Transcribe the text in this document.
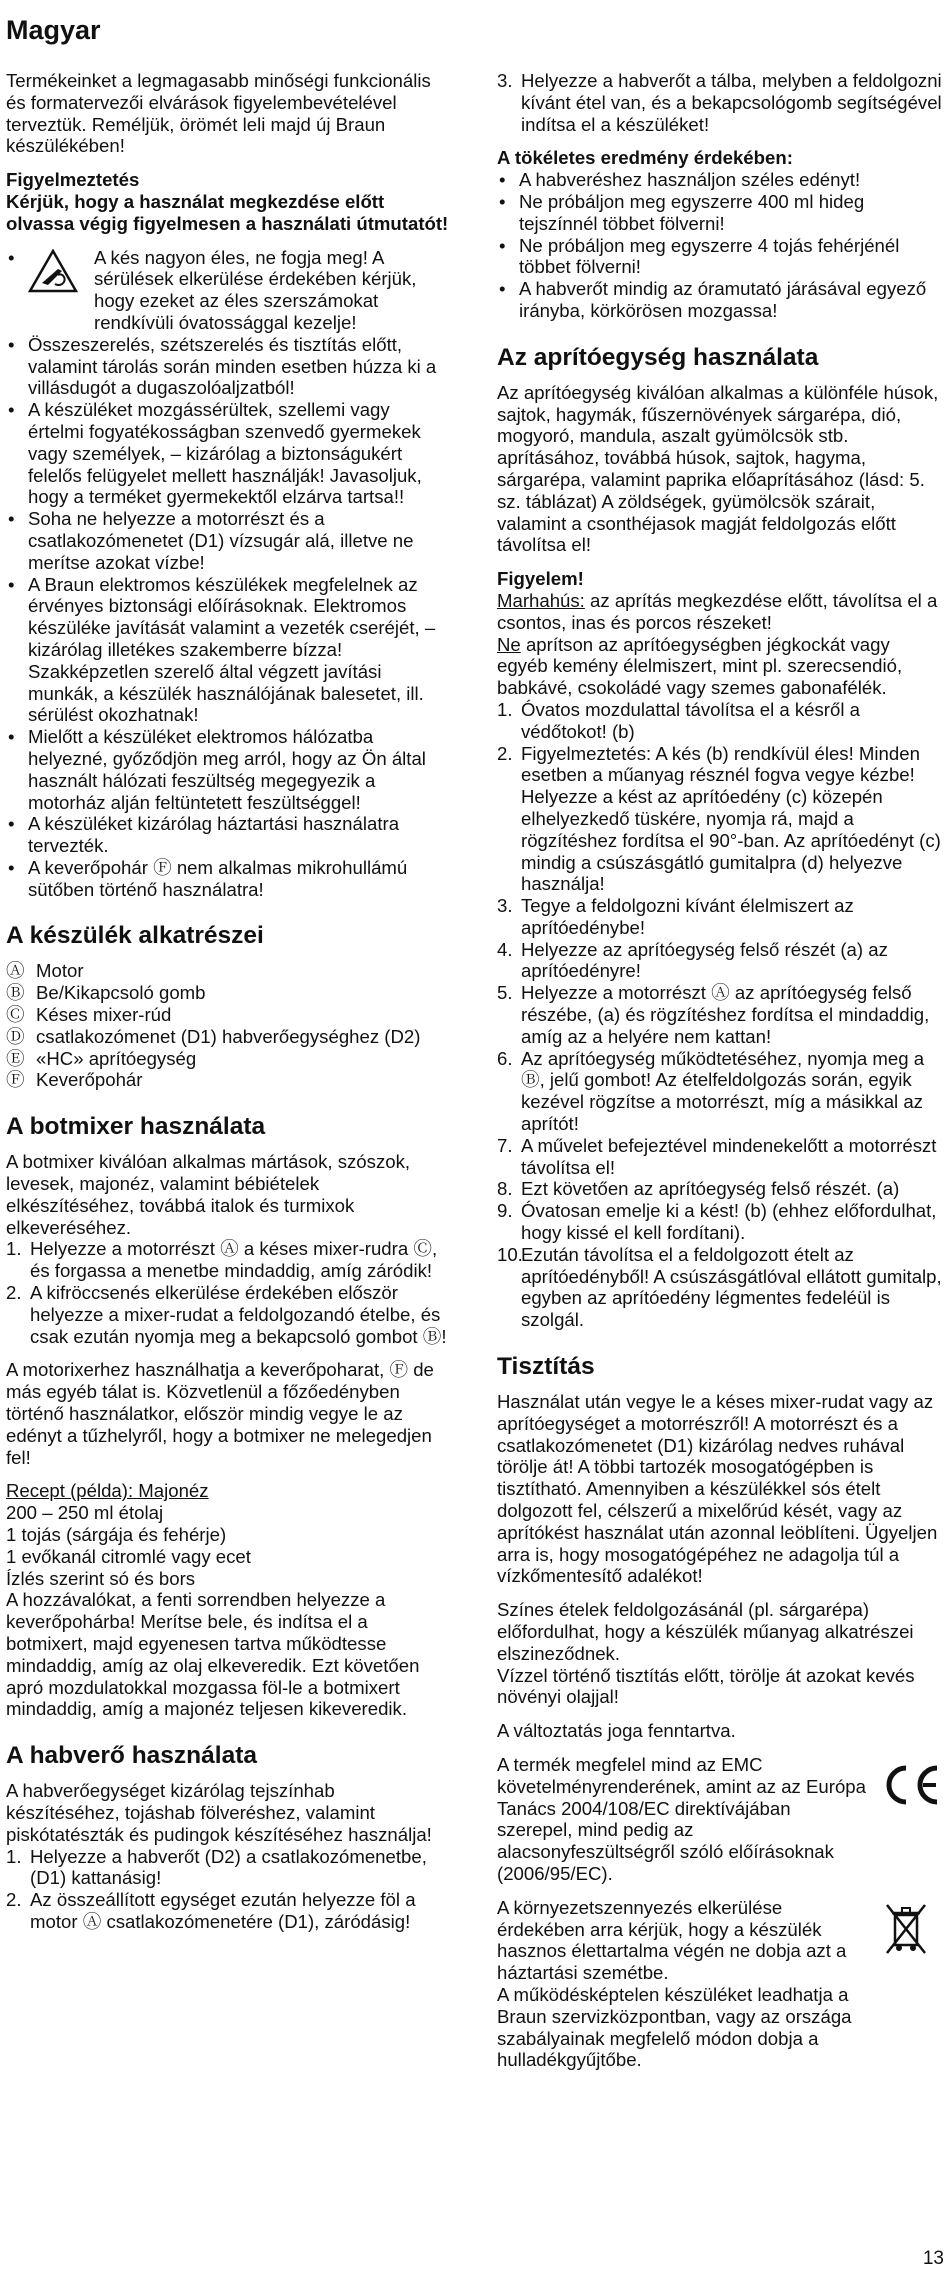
Magyar

Termékeinket a legmagasabb minőségi funkcionális és formatervezői elvárások figyelembevételével terveztük. Reméljük, örömét leli majd új Braun készülékében!

Figyelmeztetés

Kérjük, hogy a használat megkezdése előtt olvassa végig figyelmesen a használati útmutatót!

•	A kés nagyon éles, ne fogja meg! A sérülések elkerülése érdekében kérjük, hogy ezeket az éles szerszámokat rendkívüli óvatossággal kezelje!
• Összeszerelés, szétszerelés és tisztítás előtt, valamint tárolás során minden esetben húzza ki a villásdugót a dugaszolóaljzatból!
• A készüléket mozgássérültek, szellemi vagy értelmi fogyatékosságban szenvedő gyermekek vagy személyek, – kizárólag a biztonságukért felelős felügyelet mellett használják! Javasoljuk, hogy a terméket gyermekektől elzárva tartsa!!
• Soha ne helyezze a motorrészt és a csatlakozómenetet (D1) vízsugár alá, illetve ne merítse azokat vízbe!
• A Braun elektromos készülékek megfelelnek az érvényes biztonsági előírásoknak. Elektromos készüléke javítását valamint a vezeték cseréjét, – kizárólag illetékes szakemberre bízza! Szakképzetlen szerelő által végzett javítási munkák, a készülék használójának balesetet, ill. sérülést okozhatnak!
• Mielőtt a készüléket elektromos hálózatba helyezné, győződjön meg arról, hogy az Ön által használt hálózati feszültség megegyezik a motorház alján feltüntetett feszültséggel!
• A készüléket kizárólag háztartási használatra tervezték.
• A keverőpohár Ⓕ nem alkalmas mikrohullámú sütőben történő használatra!
A készülék alkatrészei
Ⓐ Motor
Ⓑ Be/Kikapcsoló gomb
Ⓒ Késes mixer-rúd
Ⓓ csatlakozómenet (D1) habverőegységhez (D2)
Ⓔ «HC» aprítóegység
Ⓕ Keverőpohár
A botmixer használata

A botmixer kiválóan alkalmas mártások, szószok, levesek, majonéz, valamint bébiételek elkészítéséhez, továbbá italok és turmixok elkeveréséhez.

1. Helyezze a motorrészt Ⓐ a késes mixer-rudra Ⓒ, és forgassa a menetbe mindaddig, amíg záródik!
2. A kifröccsenés elkerülése érdekében először helyezze a mixer-rudat a feldolgozandó ételbe, és csak ezután nyomja meg a bekapcsoló gombot Ⓑ!

A motorixerhez használhatja a keverőpoharat, Ⓕ de más egyéb tálat is. Közvetlenül a főzőedényben történő használatkor, először mindig vegye le az edényt a tűzhelyről, hogy a botmixer ne melegedjen fel!

Recept (példa): Majonéz

200 – 250 ml étolaj

1 tojás (sárgája és fehérje)

1 evőkanál citromlé vagy ecet

Ízlés szerint só és bors

A hozzávalókat, a fenti sorrendben helyezze a keverőpohárba! Merítse bele, és indítsa el a botmixert, majd egyenesen tartva működtesse mindaddig, amíg az olaj elkeveredik. Ezt követően apró mozdulatokkal mozgassa föl-le a botmixert mindaddig, amíg a majonéz teljesen kikeveredik.

A habverő használata

A habverőegységet kizárólag tejszínhab készítéséhez, tojáshab fölveréshez, valamint piskótatészták és pudingok készítéséhez használja!

1. Helyezze a habverőt (D2) a csatlakozómenetbe, (D1) kattanásig!
2. Az összeállított egységet ezután helyezze föl a motor Ⓐ csatlakozómenetére (D1), záródásig!
3. Helyezze a habverőt a tálba, melyben a feldolgozni kívánt étel van, és a bekapcsológomb segítségével indítsa el a készüléket!

A tökéletes eredmény érdekében:

• A habveréshez használjon széles edényt!
• Ne próbáljon meg egyszerre 400 ml hideg tejszínnél többet fölverni!
• Ne próbáljon meg egyszerre 4 tojás fehérjénél többet fölverni!
• A habverőt mindig az óramutató járásával egyező irányba, körkörösen mozgassa!
Az aprítóegység használata

Az aprítóegység kiválóan alkalmas a különféle húsok, sajtok, hagymák, fűszernövények sárgarépa, dió, mogyoró, mandula, aszalt gyümölcsök stb. aprításához, továbbá húsok, sajtok, hagyma, sárgarépa, valamint paprika előaprításához (lásd: 5. sz. táblázat) A zöldségek, gyümölcsök szárait, valamint a csonthéjasok magját feldolgozás előtt távolítsa el!

Figyelem!

Marhahús: az aprítás megkezdése előtt, távolítsa el a csontos, inas és porcos részeket!

Ne aprítson az aprítóegységben jégkockát vagy egyéb kemény élelmiszert, mint pl. szerecsendió, babkávé, csokoládé vagy szemes gabonafélék.

1. Óvatos mozdulattal távolítsa el a késről a védőtokot! (b)
2. Figyelmeztetés: A kés (b) rendkívül éles! Minden esetben a műanyag résznél fogva vegye kézbe!
Helyezze a kést az aprítóedény (c) közepén elhelyezkedő tüskére, nyomja rá, majd a rögzítéshez fordítsa el 90°-ban. Az aprítóedényt (c) mindig a csúszásgátló gumitalpra (d) helyezve használja!
3. Tegye a feldolgozni kívánt élelmiszert az aprítóedénybe!
4. Helyezze az aprítóegység felső részét (a) az aprítóedényre!
5. Helyezze a motorrészt Ⓐ az aprítóegység felső részébe, (a) és rögzítéshez fordítsa el mindaddig, amíg az a helyére nem kattan!
6. Az aprítóegység működtetéséhez, nyomja meg a Ⓑ, jelű gombot! Az ételfeldolgozás során, egyik kezével rögzítse a motorrészt, míg a másikkal az aprítót!
7. A művelet befejeztével mindenekelőtt a motorrészt távolítsa el!
8. Ezt követően az aprítóegység felső részét. (a)
9. Óvatosan emelje ki a kést! (b) (ehhez előfordulhat, hogy kissé el kell fordítani).
10.
Ezután távolítsa el a feldolgozott ételt az aprítóedényből! A csúszásgátlóval ellátott gumitalp, egyben az aprítóedény légmentes fedeléül is szolgál.
Tisztítás

Használat után vegye le a késes mixer-rudat vagy az aprítóegységet a motorrészről! A motorrészt és a csatlakozómenetet (D1) kizárólag nedves ruhával törölje át! A többi tartozék mosogatógépben is tisztítható. Amennyiben a készülékkel sós ételt dolgozott fel, célszerű a mixelőrúd kését, vagy az aprítókést használat után azonnal leöblíteni. Ügyeljen arra is, hogy mosogatógépéhez ne adagolja túl a vízkőmentesítő adalékot!

Színes ételek feldolgozásánál (pl. sárgarépa) előfordulhat, hogy a készülék műanyag alkatrészei elszineződnek.
Vízzel történő tisztítás előtt, törölje át azokat kevés növényi olajjal!

A változtatás joga fenntartva.

A termék megfelel mind az EMC követelményrenderének, amint az az Európa Tanács 2004/108/EC direktívájában szerepel, mind pedig az alacsonyfeszültségről szóló előírásoknak (2006/95/EC).

A környezetszennyezés elkerülése érdekében arra kérjük, hogy a készülék hasznos élettartalma végén ne dobja azt a háztartási szemétbe.
A működésképtelen készüléket leadhatja a Braun szervizközpontban, vagy az országa szabályainak megfelelő módon dobja a hulladékgyűjtőbe.

13
